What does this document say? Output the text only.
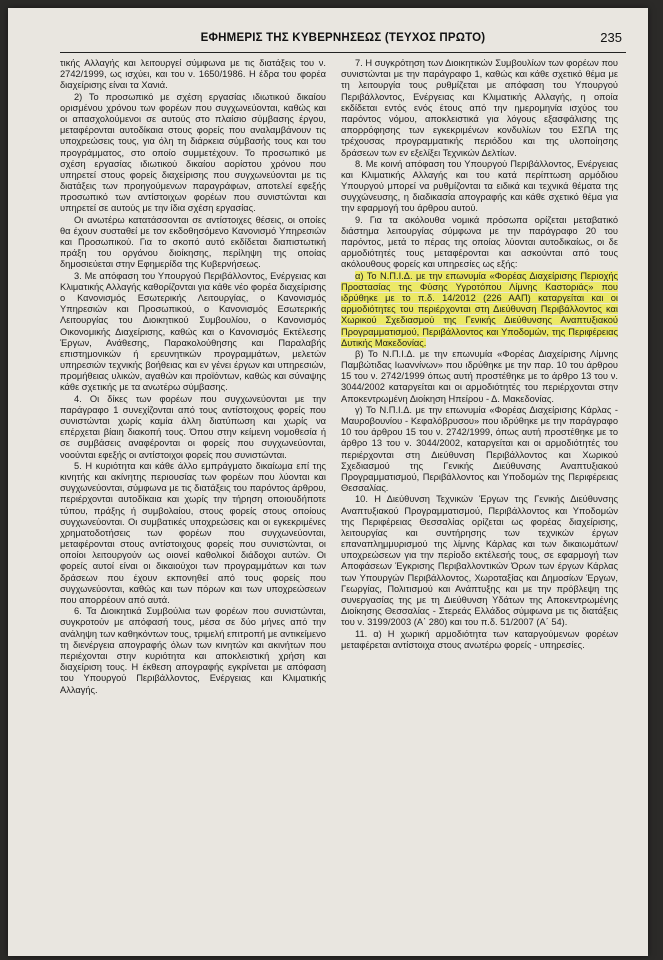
ΕΦΗΜΕΡΙΣ ΤΗΣ ΚΥΒΕΡΝΗΣΕΩΣ (ΤΕΥΧΟΣ ΠΡΩΤΟ)	235

τικής Αλλαγής και λειτουργεί σύμφωνα με τις διατάξεις του ν. 2742/1999, ως ισχύει, και του ν. 1650/1986. Η έδρα του φορέα διαχείρισης είναι τα Χανιά.

2) Το προσωπικό με σχέση εργασίας ιδιωτικού δικαίου ορισμένου χρόνου των φορέων που συγχωνεύονται, καθώς και οι απασχολούμενοι σε αυτούς στο πλαίσιο σύμβασης έργου, μεταφέρονται αυτοδίκαια στους φορείς που αναλαμβάνουν τις υποχρεώσεις τους, για όλη τη διάρκεια σύμβασής τους και του προγράμματος, στο οποίο συμμετέχουν. Το προσωπικό με σχέση εργασίας ιδιωτικού δικαίου αορίστου χρόνου που υπηρετεί στους φορείς διαχείρισης που συγχωνεύονται με τις διατάξεις των προηγούμενων παραγράφων, αποτελεί εφεξής προσωπικό των αντίστοιχων φορέων που συνιστώνται και υπηρετεί σε αυτούς με την ίδια σχέση εργασίας.

Οι ανωτέρω κατατάσσονται σε αντίστοιχες θέσεις, οι οποίες θα έχουν συσταθεί με τον εκδοθησόμενο Κανονισμό Υπηρεσιών και Προσωπικού. Για το σκοπό αυτό εκδίδεται διαπιστωτική πράξη του οργάνου διοίκησης, περίληψη της οποίας δημοσιεύεται στην Εφημερίδα της Κυβερνήσεως.

3. Με απόφαση του Υπουργού Περιβάλλοντος, Ενέργειας και Κλιματικής Αλλαγής καθορίζονται για κάθε νέο φορέα διαχείρισης ο Κανονισμός Εσωτερικής Λειτουργίας, ο Κανονισμός Υπηρεσιών και Προσωπικού, ο Κανονισμός Εσωτερικής Λειτουργίας του Διοικητικού Συμβουλίου, ο Κανονισμός Οικονομικής Διαχείρισης, καθώς και ο Κανονισμός Εκτέλεσης Έργων, Ανάθεσης, Παρακολούθησης και Παραλαβής επιστημονικών ή ερευνητικών προγραμμάτων, μελετών υπηρεσιών τεχνικής βοήθειας και εν γένει έργων και υπηρεσιών, προμήθειας υλικών, αγαθών και προϊόντων, καθώς και σύναψης κάθε σχετικής με τα ανωτέρω σύμβασης.

4. Οι δίκες των φορέων που συγχωνεύονται με την παράγραφο 1 συνεχίζονται από τους αντίστοιχους φορείς που συνιστώνται χωρίς καμία άλλη διατύπωση και χωρίς να επέρχεται βίαιη διακοπή τους. Όπου στην κείμενη νομοθεσία ή σε συμβάσεις αναφέρονται οι φορείς που συγχωνεύονται, νοούνται εφεξής οι αντίστοιχοι φορείς που συνιστώνται.

5. Η κυριότητα και κάθε άλλο εμπράγματο δικαίωμα επί της κινητής και ακίνητης περιουσίας των φορέων που λύονται και συγχωνεύονται, σύμφωνα με τις διατάξεις του παρόντος άρθρου, περιέρχονται αυτοδίκαια και χωρίς την τήρηση οποιουδήποτε τύπου, πράξης ή συμβολαίου, στους φορείς στους οποίους συγχωνεύονται. Οι συμβατικές υποχρεώσεις και οι εγκεκριμένες χρηματοδοτήσεις των φορέων που συγχωνεύονται, μεταφέρονται στους αντίστοιχους φορείς που συνιστώνται, οι οποίοι λειτουργούν ως οιονεί καθολικοί διάδοχοι αυτών. Οι φορείς αυτοί είναι οι δικαιούχοι των προγραμμάτων και των δράσεων που έχουν εκπονηθεί από τους φορείς που συγχωνεύονται, καθώς και των πόρων και των υποχρεώσεων που απορρέουν από αυτά.

6. Τα Διοικητικά Συμβούλια των φορέων που συνιστώνται, συγκροτούν με απόφασή τους, μέσα σε δύο μήνες από την ανάληψη των καθηκόντων τους, τριμελή επιτροπή με αντικείμενο τη διενέργεια απογραφής όλων των κινητών και ακινήτων που περιέχονται στην κυριότητα και αποκλειστική χρήση και διαχείριση τους. Η έκθεση απογραφής εγκρίνεται με απόφαση του Υπουργού Περιβάλλοντος, Ενέργειας και Κλιματικής Αλλαγής.

7. Η συγκρότηση των Διοικητικών Συμβουλίων των φορέων που συνιστώνται με την παράγραφο 1, καθώς και κάθε σχετικό θέμα με τη λειτουργία τους ρυθμίζεται με απόφαση του Υπουργού Περιβάλλοντος, Ενέργειας και Κλιματικής Αλλαγής, η οποία εκδίδεται εντός ενός έτους από την ημερομηνία ισχύος του παρόντος νόμου, αποκλειστικά για λόγους εξασφάλισης της απορρόφησης των εγκεκριμένων κονδυλίων του ΕΣΠΑ της τρέχουσας προγραμματικής περιόδου και της υλοποίησης δράσεων των εν εξελίξει Τεχνικών Δελτίων.

8. Με κοινή απόφαση του Υπουργού Περιβάλλοντος, Ενέργειας και Κλιματικής Αλλαγής και του κατά περίπτωση αρμόδιου Υπουργού μπορεί να ρυθμίζονται τα ειδικά και τεχνικά θέματα της συγχώνευσης, η διαδικασία απογραφής και κάθε σχετικό θέμα για την εφαρμογή του άρθρου αυτού.

9. Για τα ακόλουθα νομικά πρόσωπα ορίζεται μεταβατικό διάστημα λειτουργίας σύμφωνα με την παράγραφο 20 του παρόντος, μετά το πέρας της οποίας λύονται αυτοδικαίως, οι δε αρμοδιότητές τους μεταφέρονται και ασκούνται από τους ακόλουθους φορείς και υπηρεσίες ως εξής:

α) Το Ν.Π.Ι.Δ. με την επωνυμία «Φορέας Διαχείρισης Περιοχής Προστασίας της Φύσης Υγροτόπου Λίμνης Καστοριάς» που ιδρύθηκε με το π.δ. 14/2012 (226 ΑΑΠ) καταργείται και οι αρμοδιότητες του περιέρχονται στη Διεύθυνση Περιβάλλοντος και Χωρικού Σχεδιασμού της Γενικής Διεύθυνσης Αναπτυξιακού Προγραμματισμού, Περιβάλλοντος και Υποδομών, της Περιφέρειας Δυτικής Μακεδονίας.

β) Το Ν.Π.Ι.Δ. με την επωνυμία «Φορέας Διαχείρισης Λίμνης Παμβώτιδας Ιωαννίνων» που ιδρύθηκε με την παρ. 10 του άρθρου 15 του ν. 2742/1999 όπως αυτή προστέθηκε με το άρθρο 13 του ν. 3044/2002 καταργείται και οι αρμοδιότητές του περιέρχονται στην Αποκεντρωμένη Διοίκηση Ηπείρου - Δ. Μακεδονίας.

γ) Το Ν.Π.Ι.Δ. με την επωνυμία «Φορέας Διαχείρισης Κάρλας - Μαυροβουνίου - Κεφαλόβρυσου» που ιδρύθηκε με την παράγραφο 10 του άρθρου 15 του ν. 2742/1999, όπως αυτή προστέθηκε με το άρθρο 13 του ν. 3044/2002, καταργείται και οι αρμοδιότητές του περιέρχονται στη Διεύθυνση Περιβάλλοντος και Χωρικού Σχεδιασμού της Γενικής Διεύθυνσης Αναπτυξιακού Προγραμματισμού, Περιβάλλοντος και Υποδομών της Περιφέρειας Θεσσαλίας.

10. Η Διεύθυνση Τεχνικών Έργων της Γενικής Διεύθυνσης Αναπτυξιακού Προγραμματισμού, Περιβάλλοντος και Υποδομών της Περιφέρειας Θεσσαλίας ορίζεται ως φορέας διαχείρισης, λειτουργίας και συντήρησης των τεχνικών έργων επαναπλημμυρισμού της λίμνης Κάρλας και των δικαιωμάτων/υποχρεώσεων για την περίοδο εκτέλεσής τους, σε εφαρμογή των Αποφάσεων Έγκρισης Περιβαλλοντικών Όρων των έργων Κάρλας των Υπουργών Περιβάλλοντος, Χωροταξίας και Δημοσίων Έργων, Γεωργίας, Πολιτισμού και Ανάπτυξης και με την πρόβλεψη της συνεργασίας της με τη Διεύθυνση Υδάτων της Αποκεντρωμένης Διοίκησης Θεσσαλίας - Στερεάς Ελλάδος σύμφωνα με τις διατάξεις του ν. 3199/2003 (Α΄ 280) και του π.δ. 51/2007 (Α΄ 54).

11. α) Η χωρική αρμοδιότητα των καταργούμενων φορέων μεταφέρεται αντίστοιχα στους ανωτέρω φορείς - υπηρεσίες.
